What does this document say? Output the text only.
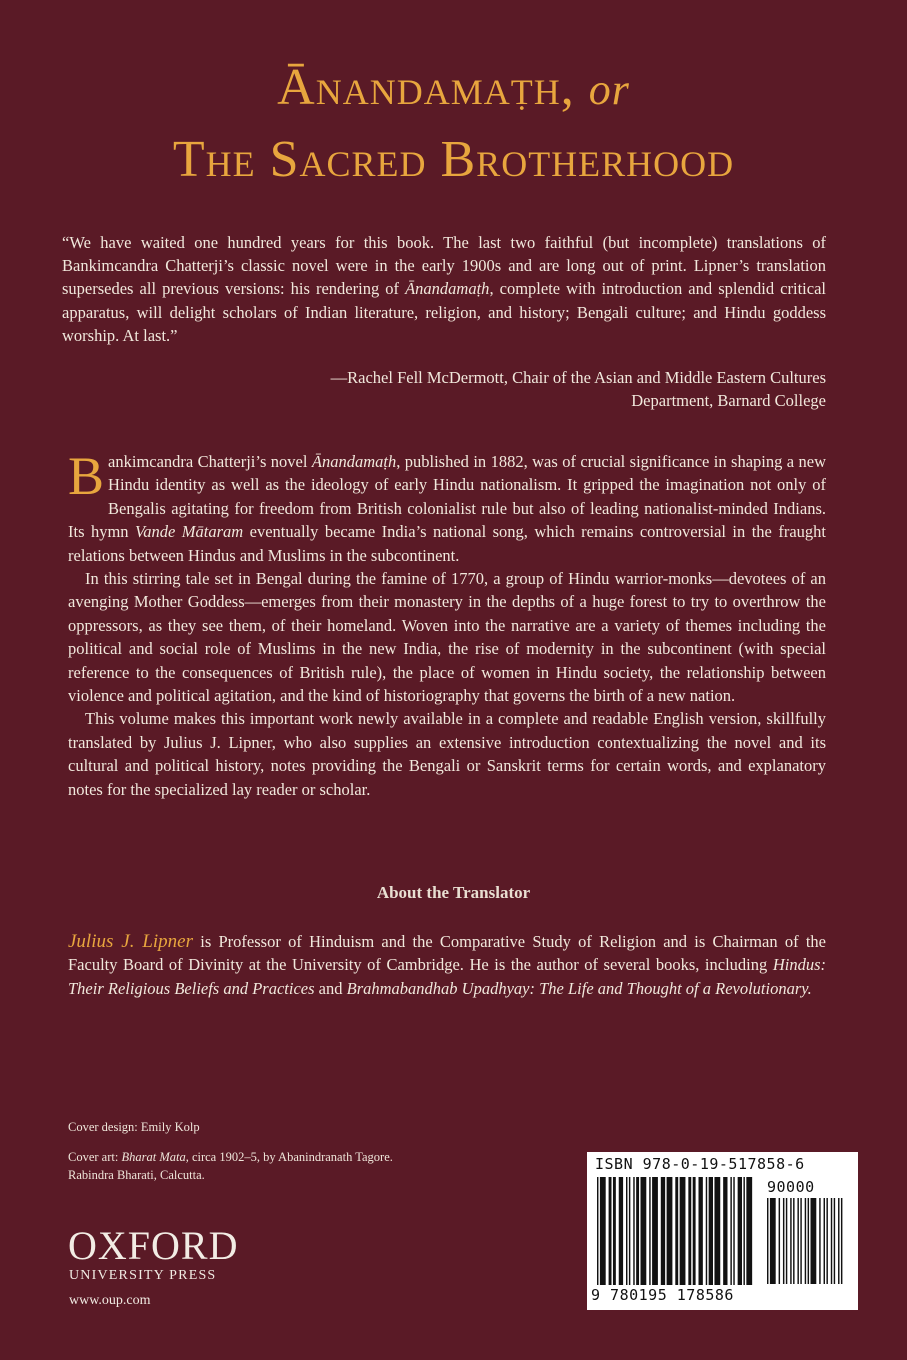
Ānandamaṭh, or
The Sacred Brotherhood

“We have waited one hundred years for this book. The last two faithful (but incomplete) translations of Bankimcandra Chatterji’s classic novel were in the early 1900s and are long out of print. Lipner’s translation supersedes all previous versions: his rendering of Ānandamaṭh, complete with introduction and splendid critical apparatus, will delight scholars of Indian literature, religion, and history; Bengali culture; and Hindu goddess worship. At last.”

—Rachel Fell McDermott, Chair of the Asian and Middle Eastern Cultures
Department, Barnard College

Bankimcandra Chatterji’s novel Ānandamaṭh, published in 1882, was of crucial significance in shaping a new Hindu identity as well as the ideology of early Hindu nationalism. It gripped the imagination not only of Bengalis agitating for freedom from British colonialist rule but also of leading nationalist-minded Indians. Its hymn Vande Mātaram eventually became India’s national song, which remains controversial in the fraught relations between Hindus and Muslims in the subcontinent.

In this stirring tale set in Bengal during the famine of 1770, a group of Hindu warrior-monks—devotees of an avenging Mother Goddess—emerges from their monastery in the depths of a huge forest to try to overthrow the oppressors, as they see them, of their homeland. Woven into the narrative are a variety of themes including the political and social role of Muslims in the new India, the rise of modernity in the subcontinent (with special reference to the consequences of British rule), the place of women in Hindu society, the relationship between violence and political agitation, and the kind of historiography that governs the birth of a new nation.

This volume makes this important work newly available in a complete and readable English version, skillfully translated by Julius J. Lipner, who also supplies an extensive introduction contextualizing the novel and its cultural and political history, notes providing the Bengali or Sanskrit terms for certain words, and explanatory notes for the specialized lay reader or scholar.

About the Translator

Julius J. Lipner is Professor of Hinduism and the Comparative Study of Religion and is Chairman of the Faculty Board of Divinity at the University of Cambridge. He is the author of several books, including Hindus: Their Religious Beliefs and Practices and Brahmabandhab Upadhyay: The Life and Thought of a Revolutionary.

Cover design: Emily Kolp

Cover art: Bharat Mata, circa 1902–5, by Abanindranath Tagore.
Rabindra Bharati, Calcutta.

OXFORD

UNIVERSITY PRESS

www.oup.com

ISBN 978-0-19-517858-6

90000

9 780195 178586
